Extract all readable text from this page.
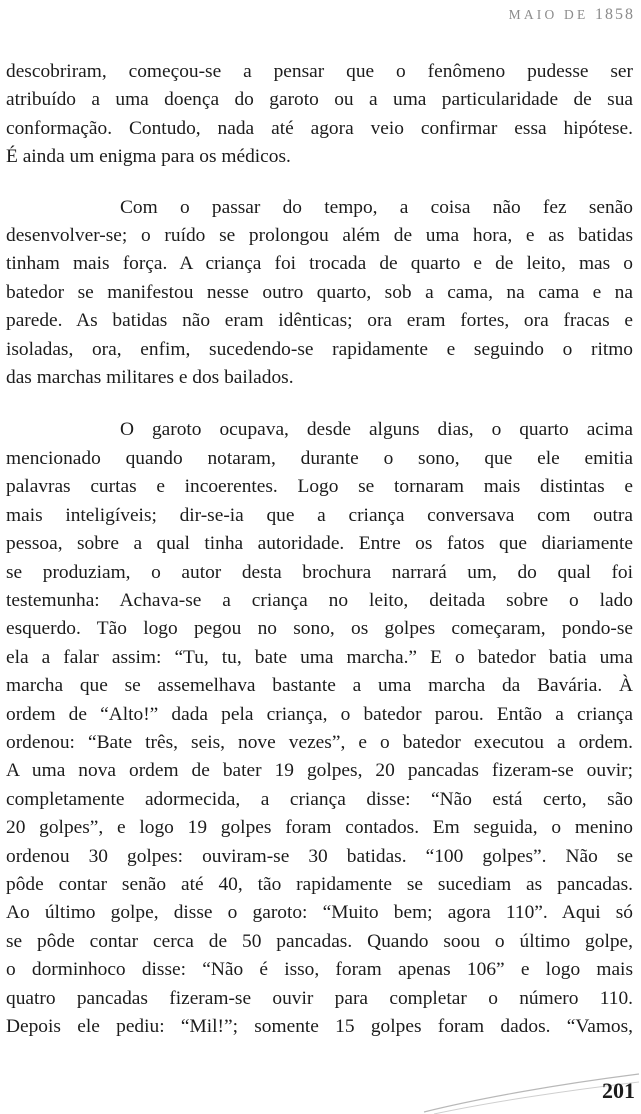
MAIO DE 1858

descobriram, começou-se a pensar que o fenômeno pudesse ser
atribuído a uma doença do garoto ou a uma particularidade de sua
conformação. Contudo, nada até agora veio confirmar essa hipótese.
É ainda um enigma para os médicos.

Com o passar do tempo, a coisa não fez senão
desenvolver-se; o ruído se prolongou além de uma hora, e as batidas
tinham mais força. A criança foi trocada de quarto e de leito, mas o
batedor se manifestou nesse outro quarto, sob a cama, na cama e na
parede. As batidas não eram idênticas; ora eram fortes, ora fracas e
isoladas, ora, enfim, sucedendo-se rapidamente e seguindo o ritmo
das marchas militares e dos bailados.

O garoto ocupava, desde alguns dias, o quarto acima
mencionado quando notaram, durante o sono, que ele emitia
palavras curtas e incoerentes. Logo se tornaram mais distintas e
mais inteligíveis; dir-se-ia que a criança conversava com outra
pessoa, sobre a qual tinha autoridade. Entre os fatos que diariamente
se produziam, o autor desta brochura narrará um, do qual foi
testemunha: Achava-se a criança no leito, deitada sobre o lado
esquerdo. Tão logo pegou no sono, os golpes começaram, pondo-se
ela a falar assim: “Tu, tu, bate uma marcha.” E o batedor batia uma
marcha que se assemelhava bastante a uma marcha da Bavária. À
ordem de “Alto!” dada pela criança, o batedor parou. Então a criança
ordenou: “Bate três, seis, nove vezes”, e o batedor executou a ordem.
A uma nova ordem de bater 19 golpes, 20 pancadas fizeram-se ouvir;
completamente adormecida, a criança disse: “Não está certo, são
20 golpes”, e logo 19 golpes foram contados. Em seguida, o menino
ordenou 30 golpes: ouviram-se 30 batidas. “100 golpes”. Não se
pôde contar senão até 40, tão rapidamente se sucediam as pancadas.
Ao último golpe, disse o garoto: “Muito bem; agora 110”. Aqui só
se pôde contar cerca de 50 pancadas. Quando soou o último golpe,
o dorminhoco disse: “Não é isso, foram apenas 106” e logo mais
quatro pancadas fizeram-se ouvir para completar o número 110.
Depois ele pediu: “Mil!”; somente 15 golpes foram dados. “Vamos,

201
